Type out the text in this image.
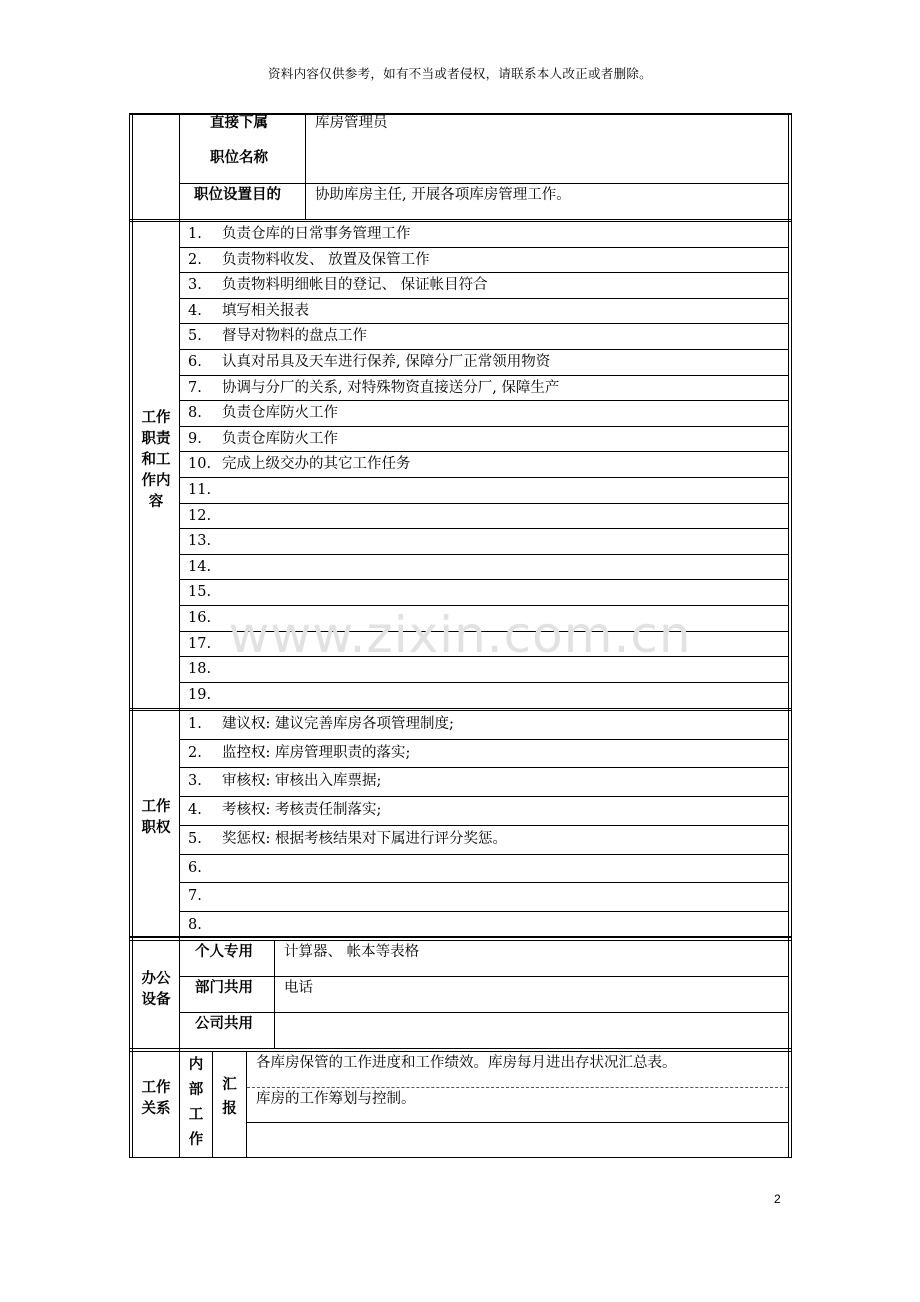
资料内容仅供参考，如有不当或者侵权，请联系本人改正或者删除。
直接下属
职位名称
库房管理员
职位设置目的 协助库房主任, 开展各项库房管理工作。
工作
职责
和工
作内
容
1. 负责仓库的日常事务管理工作
2. 负责物料收发、 放置及保管工作
3. 负责物料明细帐目的登记、 保证帐目符合
4. 填写相关报表
5. 督导对物料的盘点工作
6. 认真对吊具及天车进行保养, 保障分厂正常领用物资
7. 协调与分厂的关系, 对特殊物资直接送分厂, 保障生产
8. 负责仓库防火工作
9. 负责仓库防火工作
10. 完成上级交办的其它工作任务
11.
12.
13.
14.
15.
16.
17.
18.
19.
工作
职权
1. 建议权: 建议完善库房各项管理制度;
2. 监控权: 库房管理职责的落实;
3. 审核权: 审核出入库票据;
4. 考核权: 考核责任制落实;
5. 奖惩权: 根据考核结果对下属进行评分奖惩。
6.
7.
8.
办公
设备
个人专用 计算器、 帐本等表格
部门共用 电话
公司共用
工作
关系
内
部
工
作
汇
报
各库房保管的工作进度和工作绩效。库房每月进出存状况汇总表。
库房的工作筹划与控制。
www.zixin.com.cn
2
